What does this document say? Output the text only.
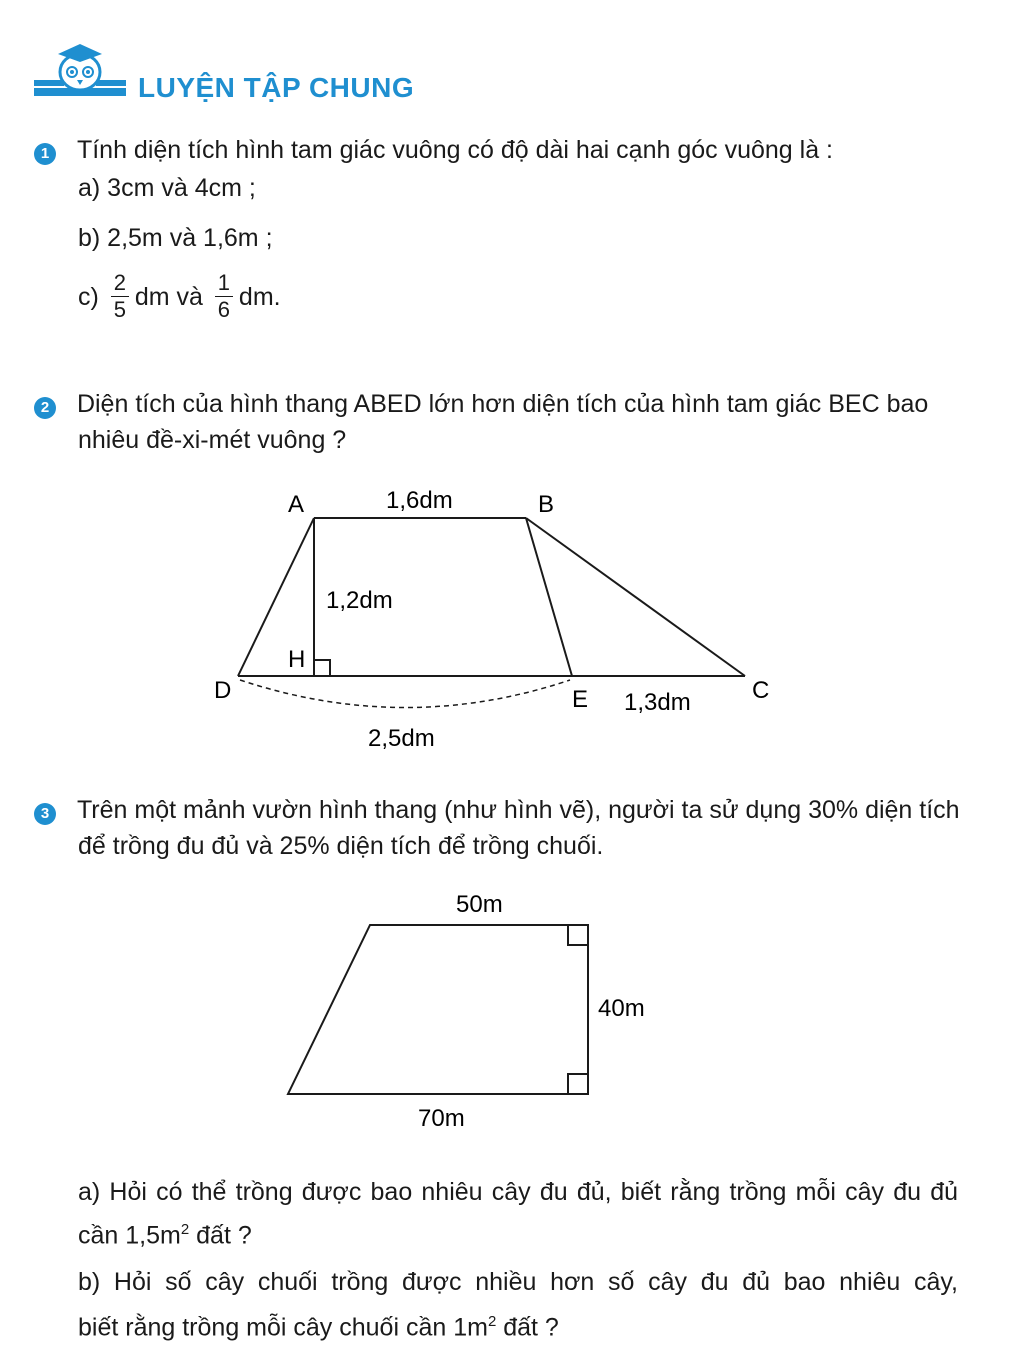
LUYỆN TẬP CHUNG
1 Tính diện tích hình tam giác vuông có độ dài hai cạnh góc vuông là :
a) 3cm và 4cm ;
b) 2,5m và 1,6m ;
$c) \frac{2}{5}$ dm và $\frac{1}{6}$ dm.
2 Diện tích của hình thang ABED lớn hơn diện tích của hình tam giác BEC bao
nhiêu đề-xi-mét vuông ?
A	1,6dm	B
1,2dm
H
D	E 1,3dm	C
2,5dm
3 Trên một mảnh vườn hình thang (như hình vẽ), người ta sử dụng 30% diện tích
để trồng đu đủ và 25% diện tích để trồng chuối.
50m
40m
70m
a) Hỏi có thể trồng được bao nhiêu cây đu đủ, biết rằng trồng mỗi cây đu đủ
cần $1,5m^2$ đất ?
b) Hỏi số cây chuối trồng được nhiều hơn số cây đu đủ bao nhiêu cây,
biết rằng trồng mỗi cây chuối cần $1m^2$ đất ?
